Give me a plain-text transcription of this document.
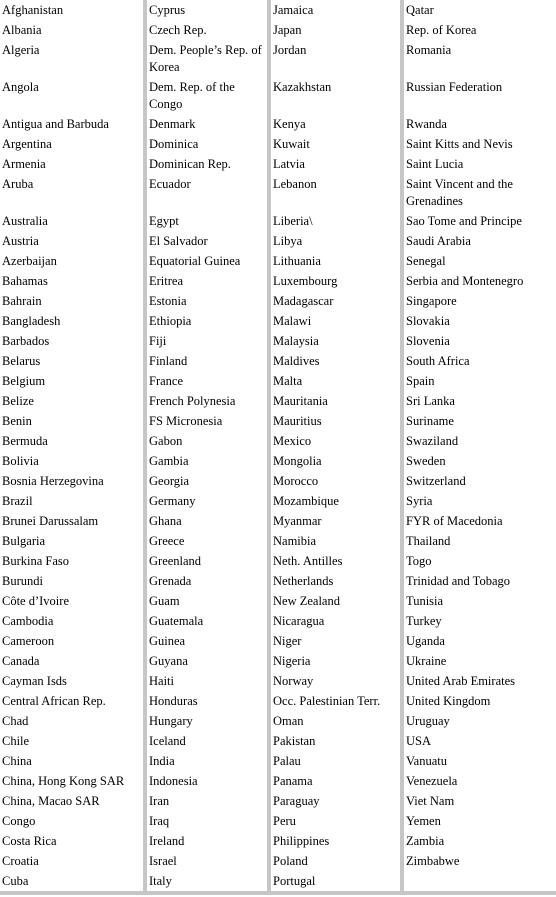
Afghanistan	Cyprus	Jamaica	Qatar
Albania	Czech Rep.	Japan	Rep. of Korea
Algeria	Dem. People’s Rep. of Korea	Jordan	Romania
Angola	Dem. Rep. of the Congo	Kazakhstan	Russian Federation
Antigua and Barbuda	Denmark	Kenya	Rwanda
Argentina	Dominica	Kuwait	Saint Kitts and Nevis
Armenia	Dominican Rep.	Latvia	Saint Lucia
Aruba	Ecuador	Lebanon	Saint Vincent and the Grenadines
Australia	Egypt	Liberia\	Sao Tome and Principe
Austria	El Salvador	Libya	Saudi Arabia
Azerbaijan	Equatorial Guinea	Lithuania	Senegal
Bahamas	Eritrea	Luxembourg	Serbia and Montenegro
Bahrain	Estonia	Madagascar	Singapore
Bangladesh	Ethiopia	Malawi	Slovakia
Barbados	Fiji	Malaysia	Slovenia
Belarus	Finland	Maldives	South Africa
Belgium	France	Malta	Spain
Belize	French Polynesia	Mauritania	Sri Lanka
Benin	FS Micronesia	Mauritius	Suriname
Bermuda	Gabon	Mexico	Swaziland
Bolivia	Gambia	Mongolia	Sweden
Bosnia Herzegovina	Georgia	Morocco	Switzerland
Brazil	Germany	Mozambique	Syria
Brunei Darussalam	Ghana	Myanmar	FYR of Macedonia
Bulgaria	Greece	Namibia	Thailand
Burkina Faso	Greenland	Neth. Antilles	Togo
Burundi	Grenada	Netherlands	Trinidad and Tobago
Côte d’Ivoire	Guam	New Zealand	Tunisia
Cambodia	Guatemala	Nicaragua	Turkey
Cameroon	Guinea	Niger	Uganda
Canada	Guyana	Nigeria	Ukraine
Cayman Isds	Haiti	Norway	United Arab Emirates
Central African Rep.	Honduras	Occ. Palestinian Terr.	United Kingdom
Chad	Hungary	Oman	Uruguay
Chile	Iceland	Pakistan	USA
China	India	Palau	Vanuatu
China, Hong Kong SAR	Indonesia	Panama	Venezuela
China, Macao SAR	Iran	Paraguay	Viet Nam
Congo	Iraq	Peru	Yemen
Costa Rica	Ireland	Philippines	Zambia
Croatia	Israel	Poland	Zimbabwe
Cuba	Italy	Portugal	
